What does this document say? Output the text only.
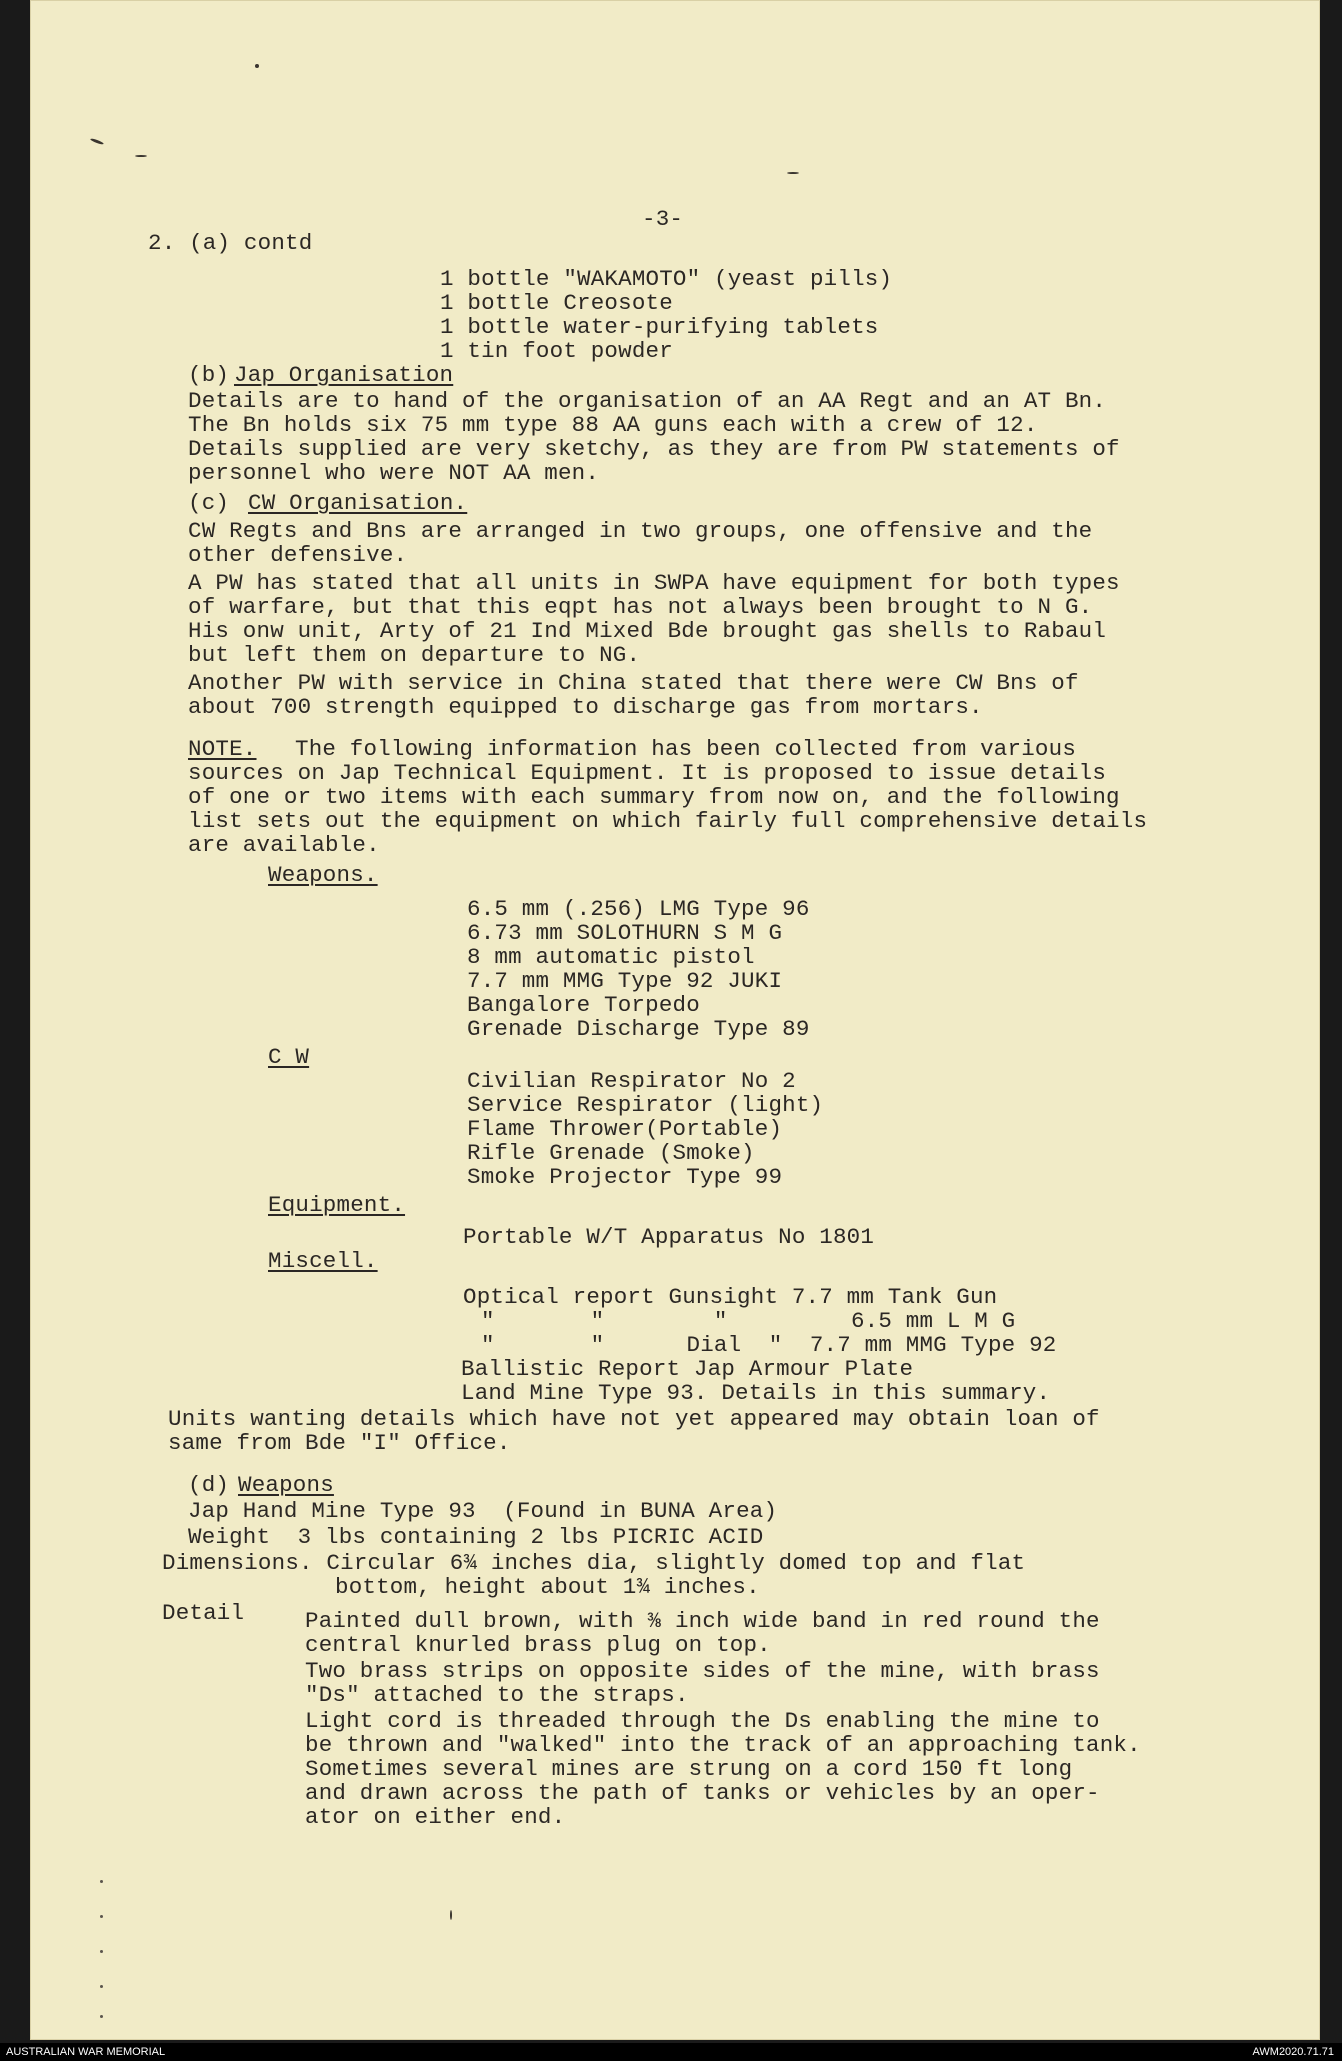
-3-
2. (a) contd
1 bottle "WAKAMOTO" (yeast pills)
1 bottle Creosote
1 bottle water-purifying tablets
1 tin foot powder
(b) Jap Organisation
Details are to hand of the organisation of an AA Regt and an AT Bn.
The Bn holds six 75 mm type 88 AA guns each with a crew of 12.
Details supplied are very sketchy, as they are from PW statements of
personnel who were NOT AA men.
(c) CW Organisation.
CW Regts and Bns are arranged in two groups, one offensive and the
other defensive.
A PW has stated that all units in SWPA have equipment for both types
of warfare, but that this eqpt has not always been brought to N G.
His onw unit, Arty of 21 Ind Mixed Bde brought gas shells to Rabaul
but left them on departure to NG.
Another PW with service in China stated that there were CW Bns of
about 700 strength equipped to discharge gas from mortars.
NOTE. The following information has been collected from various
sources on Jap Technical Equipment. It is proposed to issue details
of one or two items with each summary from now on, and the following
list sets out the equipment on which fairly full comprehensive details
are available.
Weapons.
6.5 mm (.256) LMG Type 96
6.73 mm SOLOTHURN S M G
8 mm automatic pistol
7.7 mm MMG Type 92 JUKI
Bangalore Torpedo
Grenade Discharge Type 89
C W
Civilian Respirator No 2
Service Respirator (light)
Flame Thrower(Portable)
Rifle Grenade (Smoke)
Smoke Projector Type 99
Equipment.
Portable W/T Apparatus No 1801
Miscell.
Optical report Gunsight 7.7 mm Tank Gun
"       "        "         6.5 mm L M G
"       "      Dial  "  7.7 mm MMG Type 92
Ballistic Report Jap Armour Plate
Land Mine Type 93. Details in this summary.
Units wanting details which have not yet appeared may obtain loan of
same from Bde "I" Office.
(d) Weapons
Jap Hand Mine Type 93  (Found in BUNA Area)
Weight  3 lbs containing 2 lbs PICRIC ACID
Dimensions. Circular 6¾ inches dia, slightly domed top and flat
bottom, height about 1¾ inches.
Detail	Painted dull brown, with ⅜ inch wide band in red round the
central knurled brass plug on top.
Two brass strips on opposite sides of the mine, with brass
"Ds" attached to the straps.
Light cord is threaded through the Ds enabling the mine to
be thrown and "walked" into the track of an approaching tank.
Sometimes several mines are strung on a cord 150 ft long
and drawn across the path of tanks or vehicles by an oper-
ator on either end.
AUSTRALIAN WAR MEMORIAL	AWM2020.71.71
